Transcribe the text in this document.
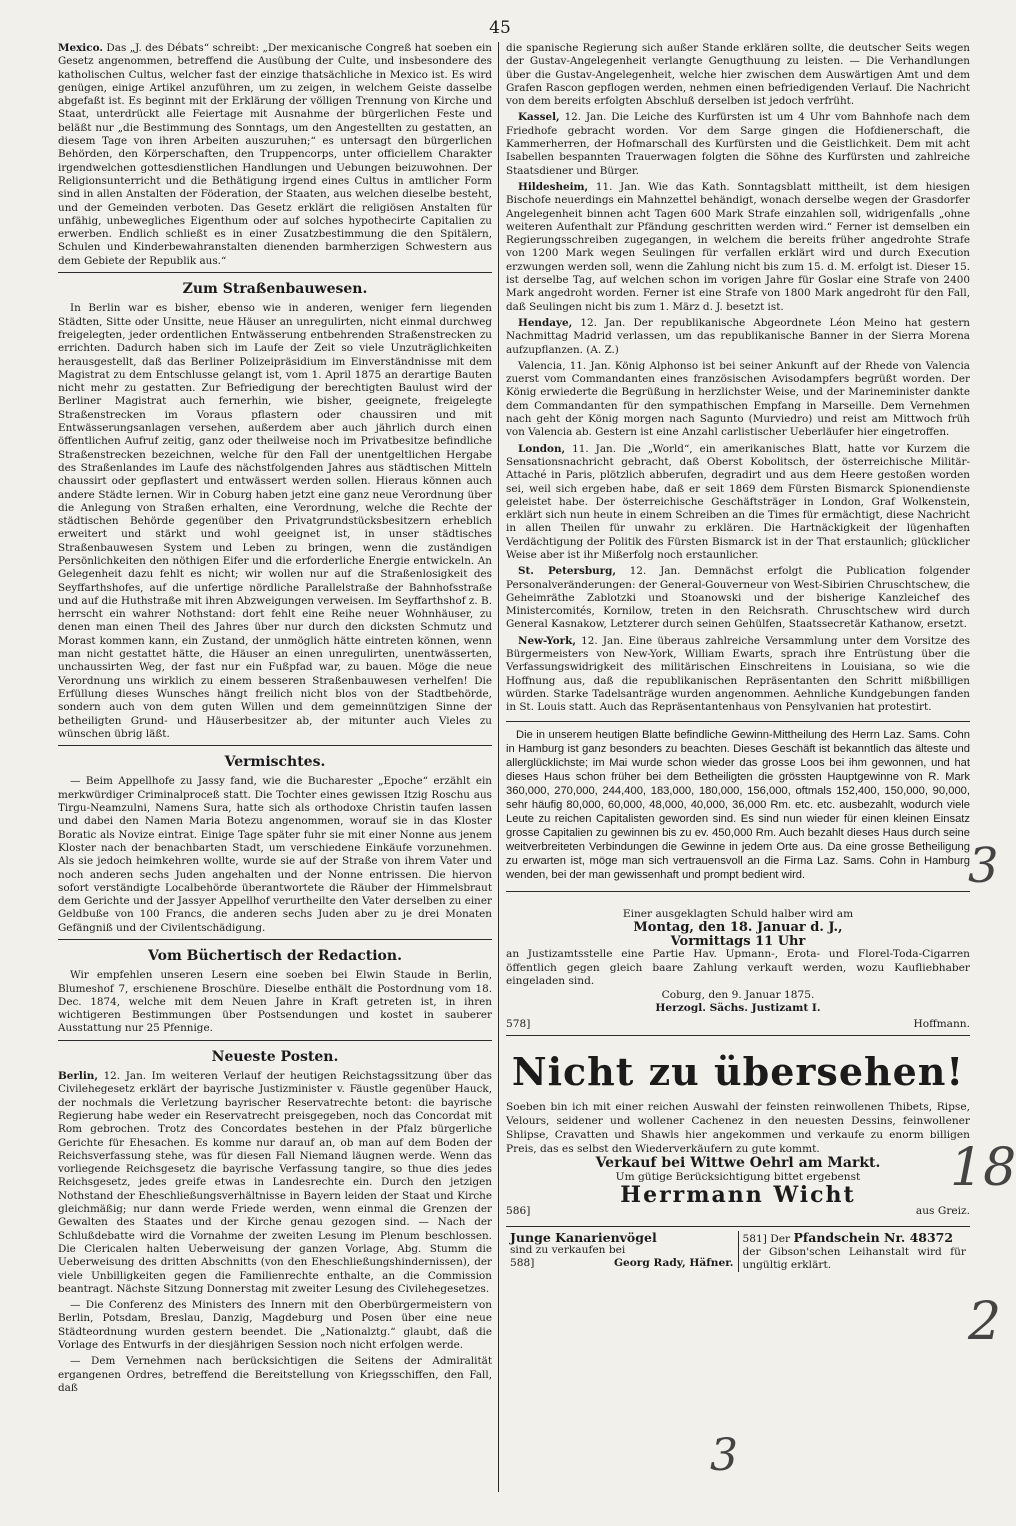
45

Mexico. Das „J. des Débats“ schreibt: „Der mexicanische Congreß hat soeben ein Gesetz angenommen, betreffend die Ausübung der Culte, und insbesondere des katholischen Cultus, welcher fast der einzige thatsächliche in Mexico ist. Es wird genügen, einige Artikel anzuführen, um zu zeigen, in welchem Geiste dasselbe abgefaßt ist. Es beginnt mit der Erklärung der völligen Trennung von Kirche und Staat, unterdrückt alle Feiertage mit Ausnahme der bürgerlichen Feste und beläßt nur „die Bestimmung des Sonntags, um den Angestellten zu gestatten, an diesem Tage von ihren Arbeiten auszuruhen;“ es untersagt den bürgerlichen Behörden, den Körperschaften, den Truppencorps, unter officiellem Charakter irgendwelchen gottesdienstlichen Handlungen und Uebungen beizuwohnen. Der Religionsunterricht und die Bethätigung irgend eines Cultus in amtlicher Form sind in allen Anstalten der Föderation, der Staaten, aus welchen dieselbe besteht, und der Gemeinden verboten. Das Gesetz erklärt die religiösen Anstalten für unfähig, unbewegliches Eigenthum oder auf solches hypothecirte Capitalien zu erwerben. Endlich schließt es in einer Zusatzbestimmung die den Spitälern, Schulen und Kinderbewahranstalten dienenden barmherzigen Schwestern aus dem Gebiete der Republik aus.“

Zum Straßenbauwesen.

In Berlin war es bisher, ebenso wie in anderen, weniger fern liegenden Städten, Sitte oder Unsitte, neue Häuser an unregulirten, nicht einmal durchweg freigelegten, jeder ordentlichen Entwässerung entbehrenden Straßenstrecken zu errichten. Dadurch haben sich im Laufe der Zeit so viele Unzuträglichkeiten herausgestellt, daß das Berliner Polizeipräsidium im Einverständnisse mit dem Magistrat zu dem Entschlusse gelangt ist, vom 1. April 1875 an derartige Bauten nicht mehr zu gestatten. Zur Befriedigung der berechtigten Baulust wird der Berliner Magistrat auch fernerhin, wie bisher, geeignete, freigelegte Straßenstrecken im Voraus pflastern oder chaussiren und mit Entwässerungsanlagen versehen, außerdem aber auch jährlich durch einen öffentlichen Aufruf zeitig, ganz oder theilweise noch im Privatbesitze befindliche Straßenstrecken bezeichnen, welche für den Fall der unentgeltlichen Hergabe des Straßenlandes im Laufe des nächstfolgenden Jahres aus städtischen Mitteln chaussirt oder gepflastert und entwässert werden sollen. Hieraus können auch andere Städte lernen. Wir in Coburg haben jetzt eine ganz neue Verordnung über die Anlegung von Straßen erhalten, eine Verordnung, welche die Rechte der städtischen Behörde gegenüber den Privatgrundstücksbesitzern erheblich erweitert und stärkt und wohl geeignet ist, in unser städtisches Straßenbauwesen System und Leben zu bringen, wenn die zuständigen Persönlichkeiten den nöthigen Eifer und die erforderliche Energie entwickeln. An Gelegenheit dazu fehlt es nicht; wir wollen nur auf die Straßenlosigkeit des Seyffarthshofes, auf die unfertige nördliche Parallelstraße der Bahnhofsstraße und auf die Huthstraße mit ihren Abzweigungen verweisen. Im Seyffarthshof z. B. herrscht ein wahrer Nothstand: dort fehlt eine Reihe neuer Wohnhäuser, zu denen man einen Theil des Jahres über nur durch den dicksten Schmutz und Morast kommen kann, ein Zustand, der unmöglich hätte eintreten können, wenn man nicht gestattet hätte, die Häuser an einen unregulirten, unentwässerten, unchaussirten Weg, der fast nur ein Fußpfad war, zu bauen. Möge die neue Verordnung uns wirklich zu einem besseren Straßenbauwesen verhelfen! Die Erfüllung dieses Wunsches hängt freilich nicht blos von der Stadtbehörde, sondern auch von dem guten Willen und dem gemeinnützigen Sinne der betheiligten Grund- und Häuserbesitzer ab, der mitunter auch Vieles zu wünschen übrig läßt.

Vermischtes.

— Beim Appellhofe zu Jassy fand, wie die Bucharester „Epoche“ erzählt ein merkwürdiger Criminalproceß statt. Die Tochter eines gewissen Itzig Roschu aus Tirgu-Neamzulni, Namens Sura, hatte sich als orthodoxe Christin taufen lassen und dabei den Namen Maria Botezu angenommen, worauf sie in das Kloster Boratic als Novize eintrat. Einige Tage später fuhr sie mit einer Nonne aus jenem Kloster nach der benachbarten Stadt, um verschiedene Einkäufe vorzunehmen. Als sie jedoch heimkehren wollte, wurde sie auf der Straße von ihrem Vater und noch anderen sechs Juden angehalten und der Nonne entrissen. Die hiervon sofort verständigte Localbehörde überantwortete die Räuber der Himmelsbraut dem Gerichte und der Jassyer Appellhof verurtheilte den Vater derselben zu einer Geldbuße von 100 Francs, die anderen sechs Juden aber zu je drei Monaten Gefängniß und der Civilentschädigung.

Vom Büchertisch der Redaction.

Wir empfehlen unseren Lesern eine soeben bei Elwin Staude in Berlin, Blumeshof 7, erschienene Broschüre. Dieselbe enthält die Postordnung vom 18. Dec. 1874, welche mit dem Neuen Jahre in Kraft getreten ist, in ihren wichtigeren Bestimmungen über Postsendungen und kostet in sauberer Ausstattung nur 25 Pfennige.

Neueste Posten.

Berlin, 12. Jan. Im weiteren Verlauf der heutigen Reichstagssitzung über das Civilehegesetz erklärt der bayrische Justizminister v. Fäustle gegenüber Hauck, der nochmals die Verletzung bayrischer Reservatrechte betont: die bayrische Regierung habe weder ein Reservatrecht preisgegeben, noch das Concordat mit Rom gebrochen. Trotz des Concordates bestehen in der Pfalz bürgerliche Gerichte für Ehesachen. Es komme nur darauf an, ob man auf dem Boden der Reichsverfassung stehe, was für diesen Fall Niemand läugnen werde. Wenn das vorliegende Reichsgesetz die bayrische Verfassung tangire, so thue dies jedes Reichsgesetz, jedes greife etwas in Landesrechte ein. Durch den jetzigen Nothstand der Eheschließungsverhältnisse in Bayern leiden der Staat und Kirche gleichmäßig; nur dann werde Friede werden, wenn einmal die Grenzen der Gewalten des Staates und der Kirche genau gezogen sind. — Nach der Schlußdebatte wird die Vornahme der zweiten Lesung im Plenum beschlossen. Die Clericalen halten Ueberweisung der ganzen Vorlage, Abg. Stumm die Ueberweisung des dritten Abschnitts (von den Eheschließungshindernissen), der viele Unbilligkeiten gegen die Familienrechte enthalte, an die Commission beantragt. Nächste Sitzung Donnerstag mit zweiter Lesung des Civilehegesetzes.

— Die Conferenz des Ministers des Innern mit den Oberbürgermeistern von Berlin, Potsdam, Breslau, Danzig, Magdeburg und Posen über eine neue Städteordnung wurden gestern beendet. Die „Nationalztg.“ glaubt, daß die Vorlage des Entwurfs in der diesjährigen Session noch nicht erfolgen werde.

— Dem Vernehmen nach berücksichtigen die Seitens der Admiralität ergangenen Ordres, betreffend die Bereitstellung von Kriegsschiffen, den Fall, daß

die spanische Regierung sich außer Stande erklären sollte, die deutscher Seits wegen der Gustav-Angelegenheit verlangte Genugthuung zu leisten. — Die Verhandlungen über die Gustav-Angelegenheit, welche hier zwischen dem Auswärtigen Amt und dem Grafen Rascon gepflogen werden, nehmen einen befriedigenden Verlauf. Die Nachricht von dem bereits erfolgten Abschluß derselben ist jedoch verfrüht.

Kassel, 12. Jan. Die Leiche des Kurfürsten ist um 4 Uhr vom Bahnhofe nach dem Friedhofe gebracht worden. Vor dem Sarge gingen die Hofdienerschaft, die Kammerherren, der Hofmarschall des Kurfürsten und die Geistlichkeit. Dem mit acht Isabellen bespannten Trauerwagen folgten die Söhne des Kurfürsten und zahlreiche Staatsdiener und Bürger.

Hildesheim, 11. Jan. Wie das Kath. Sonntagsblatt mittheilt, ist dem hiesigen Bischofe neuerdings ein Mahnzettel behändigt, wonach derselbe wegen der Grasdorfer Angelegenheit binnen acht Tagen 600 Mark Strafe einzahlen soll, widrigenfalls „ohne weiteren Aufenthalt zur Pfändung geschritten werden wird.“ Ferner ist demselben ein Regierungsschreiben zugegangen, in welchem die bereits früher angedrohte Strafe von 1200 Mark wegen Seulingen für verfallen erklärt wird und durch Execution erzwungen werden soll, wenn die Zahlung nicht bis zum 15. d. M. erfolgt ist. Dieser 15. ist derselbe Tag, auf welchen schon im vorigen Jahre für Goslar eine Strafe von 2400 Mark angedroht worden. Ferner ist eine Strafe von 1800 Mark angedroht für den Fall, daß Seulingen nicht bis zum 1. März d. J. besetzt ist.

Hendaye, 12. Jan. Der republikanische Abgeordnete Léon Meino hat gestern Nachmittag Madrid verlassen, um das republikanische Banner in der Sierra Morena aufzupflanzen. (A. Z.)

Valencia, 11. Jan. König Alphonso ist bei seiner Ankunft auf der Rhede von Valencia zuerst vom Commandanten eines französischen Avisodampfers begrüßt worden. Der König erwiederte die Begrüßung in herzlichster Weise, und der Marineminister dankte dem Commandanten für den sympathischen Empfang in Marseille. Dem Vernehmen nach geht der König morgen nach Sagunto (Murviedro) und reist am Mittwoch früh von Valencia ab. Gestern ist eine Anzahl carlistischer Ueberläufer hier eingetroffen.

London, 11. Jan. Die „World“, ein amerikanisches Blatt, hatte vor Kurzem die Sensationsnachricht gebracht, daß Oberst Kobolitsch, der österreichische Militär-Attaché in Paris, plötzlich abberufen, degradirt und aus dem Heere gestoßen worden sei, weil sich ergeben habe, daß er seit 1869 dem Fürsten Bismarck Spionendienste geleistet habe. Der österreichische Geschäftsträger in London, Graf Wolkenstein, erklärt sich nun heute in einem Schreiben an die Times für ermächtigt, diese Nachricht in allen Theilen für unwahr zu erklären. Die Hartnäckigkeit der lügenhaften Verdächtigung der Politik des Fürsten Bismarck ist in der That erstaunlich; glücklicher Weise aber ist ihr Mißerfolg noch erstaunlicher.

St. Petersburg, 12. Jan. Demnächst erfolgt die Publication folgender Personalveränderungen: der General-Gouverneur von West-Sibirien Chruschtschew, die Geheimräthe Zablotzki und Stoanowski und der bisherige Kanzleichef des Ministercomités, Kornilow, treten in den Reichsrath. Chruschtschew wird durch General Kasnakow, Letzterer durch seinen Gehülfen, Staatssecretär Kathanow, ersetzt.

New-York, 12. Jan. Eine überaus zahlreiche Versammlung unter dem Vorsitze des Bürgermeisters von New-York, William Ewarts, sprach ihre Entrüstung über die Verfassungswidrigkeit des militärischen Einschreitens in Louisiana, so wie die Hoffnung aus, daß die republikanischen Repräsentanten den Schritt mißbilligen würden. Starke Tadelsanträge wurden angenommen. Aehnliche Kundgebungen fanden in St. Louis statt. Auch das Repräsentantenhaus von Pensylvanien hat protestirt.

Die in unserem heutigen Blatte befindliche Gewinn-Mittheilung des Herrn Laz. Sams. Cohn in Hamburg ist ganz besonders zu beachten. Dieses Geschäft ist bekanntlich das älteste und allerglücklichste; im Mai wurde schon wieder das grosse Loos bei ihm gewonnen, und hat dieses Haus schon früher bei dem Betheiligten die grössten Hauptgewinne von R. Mark 360,000, 270,000, 244,400, 183,000, 180,000, 156,000, oftmals 152,400, 150,000, 90,000, sehr häufig 80,000, 60,000, 48,000, 40,000, 36,000 Rm. etc. etc. ausbezahlt, wodurch viele Leute zu reichen Capitalisten geworden sind. Es sind nun wieder für einen kleinen Einsatz grosse Capitalien zu gewinnen bis zu ev. 450,000 Rm. Auch bezahlt dieses Haus durch seine weitverbreiteten Verbindungen die Gewinne in jedem Orte aus. Da eine grosse Betheiligung zu erwarten ist, möge man sich vertrauensvoll an die Firma Laz. Sams. Cohn in Hamburg wenden, bei der man gewissenhaft und prompt bedient wird.

Einer ausgeklagten Schuld halber wird am
Montag, den 18. Januar d. J.,
Vormittags 11 Uhr
an Justizamtsstelle eine Partie Hav. Upmann-, Erota- und Florel-Toda-Cigarren öffentlich gegen gleich baare Zahlung verkauft werden, wozu Kaufliebhaber eingeladen sind.
Coburg, den 9. Januar 1875.
Herzogl. Sächs. Justizamt I.
578]	Hoffmann.
Nicht zu übersehen!
Soeben bin ich mit einer reichen Auswahl der feinsten reinwollenen Thibets, Ripse, Velours, seidener und wollener Cachenez in den neuesten Dessins, feinwollener Shlipse, Cravatten und Shawls hier angekommen und verkaufe zu enorm billigen Preis, das es selbst den Wiederverkäufern zu gute kommt.
Verkauf bei Wittwe Oehrl am Markt.
Um gütige Berücksichtigung bittet ergebenst
Herrmann Wicht
586]	aus Greiz.
Junge Kanarienvögel
sind zu verkaufen bei
588]	Georg Rady, Häfner.
581] Der Pfandschein Nr. 48372
der Gibson'schen Leihanstalt wird für ungültig erklärt.
3
18
2
3
